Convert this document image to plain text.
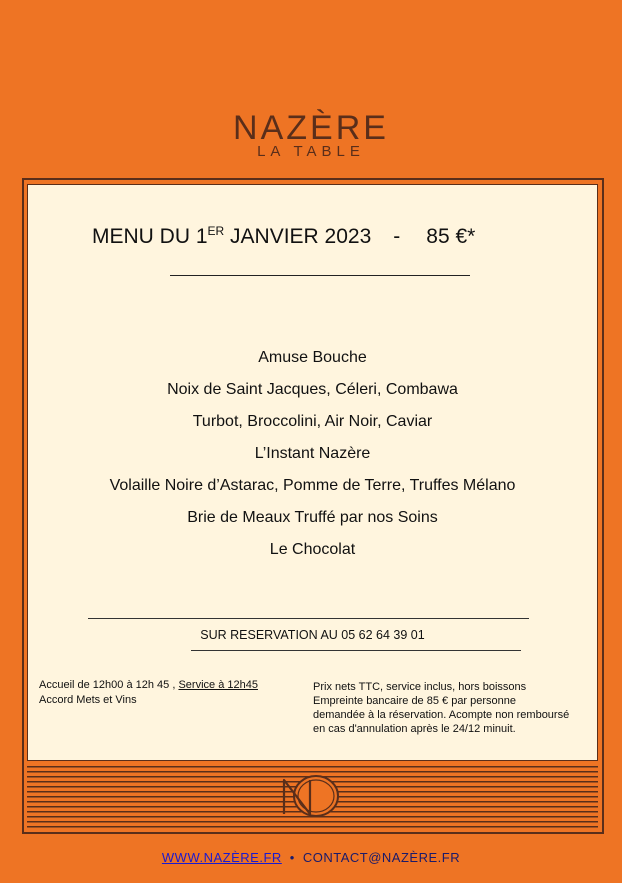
NAZÈRE
LA TABLE
MENU DU 1ER JANVIER 2023 - 85 €*
Amuse Bouche
Noix de Saint Jacques, Céleri, Combawa
Turbot, Broccolini, Air Noir, Caviar
L’Instant Nazère
Volaille Noire d’Astarac, Pomme de Terre, Truffes Mélano
Brie de Meaux Truffé par nos Soins
Le Chocolat
SUR RESERVATION AU 05 62 64 39 01
Accueil de 12h00 à 12h 45 , Service à 12h45
Accord Mets et Vins
Prix nets TTC, service inclus, hors boissons Empreinte bancaire de 85 € par personne demandée à la réservation. Acompte non remboursé en cas d'annulation après le 24/12 minuit.
WWW.NAZÈRE.FR • CONTACT@NAZÈRE.FR
